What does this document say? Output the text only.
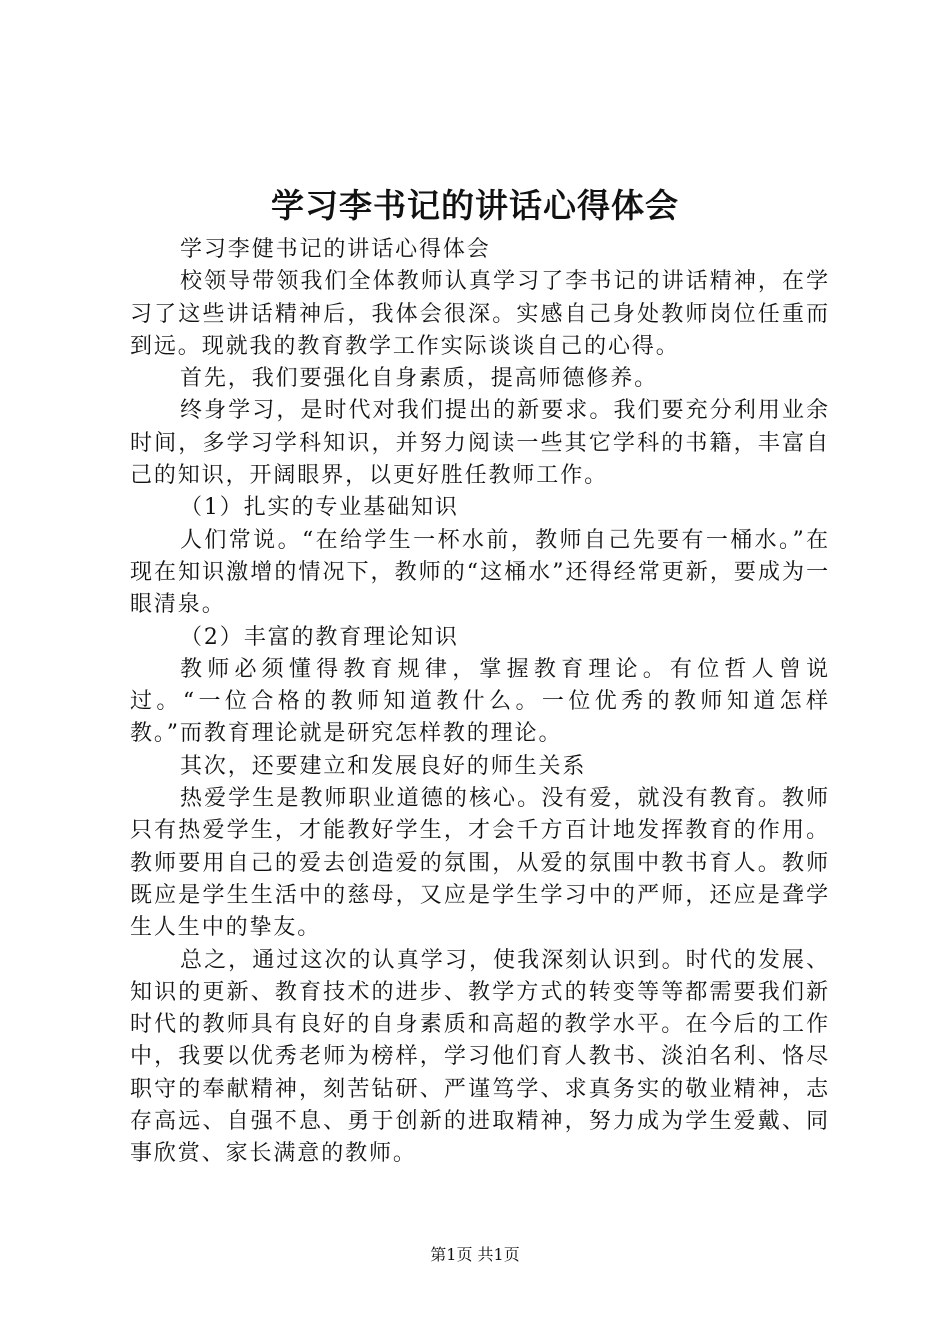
学习李书记的讲话心得体会

学习李健书记的讲话心得体会

校领导带领我们全体教师认真学习了李书记的讲话精神，在学习了这些讲话精神后，我体会很深。实感自己身处教师岗位任重而到远。现就我的教育教学工作实际谈谈自己的心得。

首先，我们要强化自身素质，提高师德修养。

终身学习，是时代对我们提出的新要求。我们要充分利用业余时间，多学习学科知识，并努力阅读一些其它学科的书籍，丰富自己的知识，开阔眼界，以更好胜任教师工作。

（1）扎实的专业基础知识

人们常说。“在给学生一杯水前，教师自己先要有一桶水。”在现在知识激增的情况下，教师的“这桶水”还得经常更新，要成为一眼清泉。

（2）丰富的教育理论知识

教师必须懂得教育规律，掌握教育理论。有位哲人曾说过。“一位合格的教师知道教什么。一位优秀的教师知道怎样教。”而教育理论就是研究怎样教的理论。

其次，还要建立和发展良好的师生关系

热爱学生是教师职业道德的核心。没有爱，就没有教育。教师只有热爱学生，才能教好学生，才会千方百计地发挥教育的作用。教师要用自己的爱去创造爱的氛围，从爱的氛围中教书育人。教师既应是学生生活中的慈母，又应是学生学习中的严师，还应是聋学生人生中的挚友。

总之，通过这次的认真学习，使我深刻认识到。时代的发展、知识的更新、教育技术的进步、教学方式的转变等等都需要我们新时代的教师具有良好的自身素质和高超的教学水平。在今后的工作中，我要以优秀老师为榜样，学习他们育人教书、淡泊名利、恪尽职守的奉献精神，刻苦钻研、严谨笃学、求真务实的敬业精神，志存高远、自强不息、勇于创新的进取精神，努力成为学生爱戴、同事欣赏、家长满意的教师。

第1页 共1页
